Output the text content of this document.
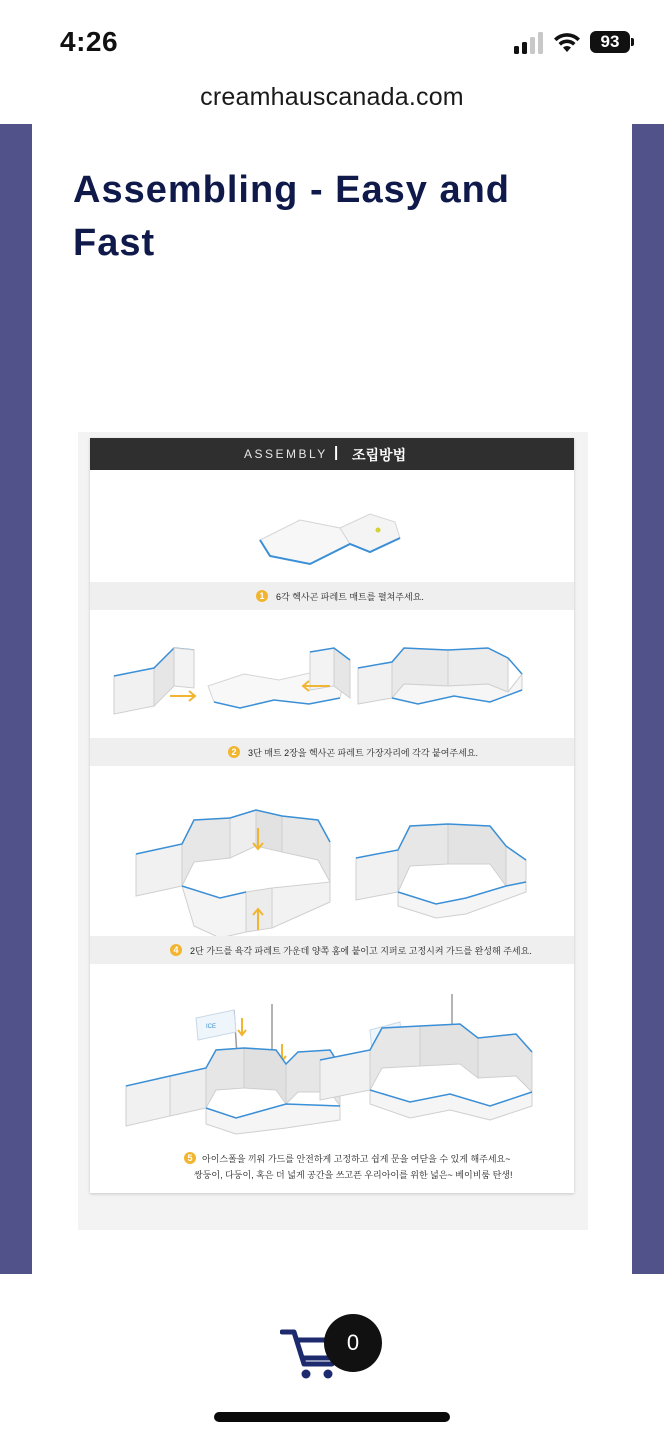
4:26	93
creamhauscanada.com
Assembling - Easy and Fast
ASSEMBLY | 조립방법
1	6각 헥사곤 파레트 매트를 펼쳐주세요.
2	3단 매트 2장을 헥사곤 파레트 가장자리에 각각 붙여주세요.
4	2단 가드를 육각 파레트 가운데 양쪽 홈에 붙이고 지퍼로 고정시켜 가드를 완성해 주세요.
ICE
5	아이스폴을 끼워 가드를 안전하게 고정하고 쉽게 문을 여닫을 수 있게 해주세요~
쌍둥이, 다둥이, 혹은 더 넓게 공간을 쓰고픈 우리아이를 위한 넓은~ 베이비룸 탄생!
0
